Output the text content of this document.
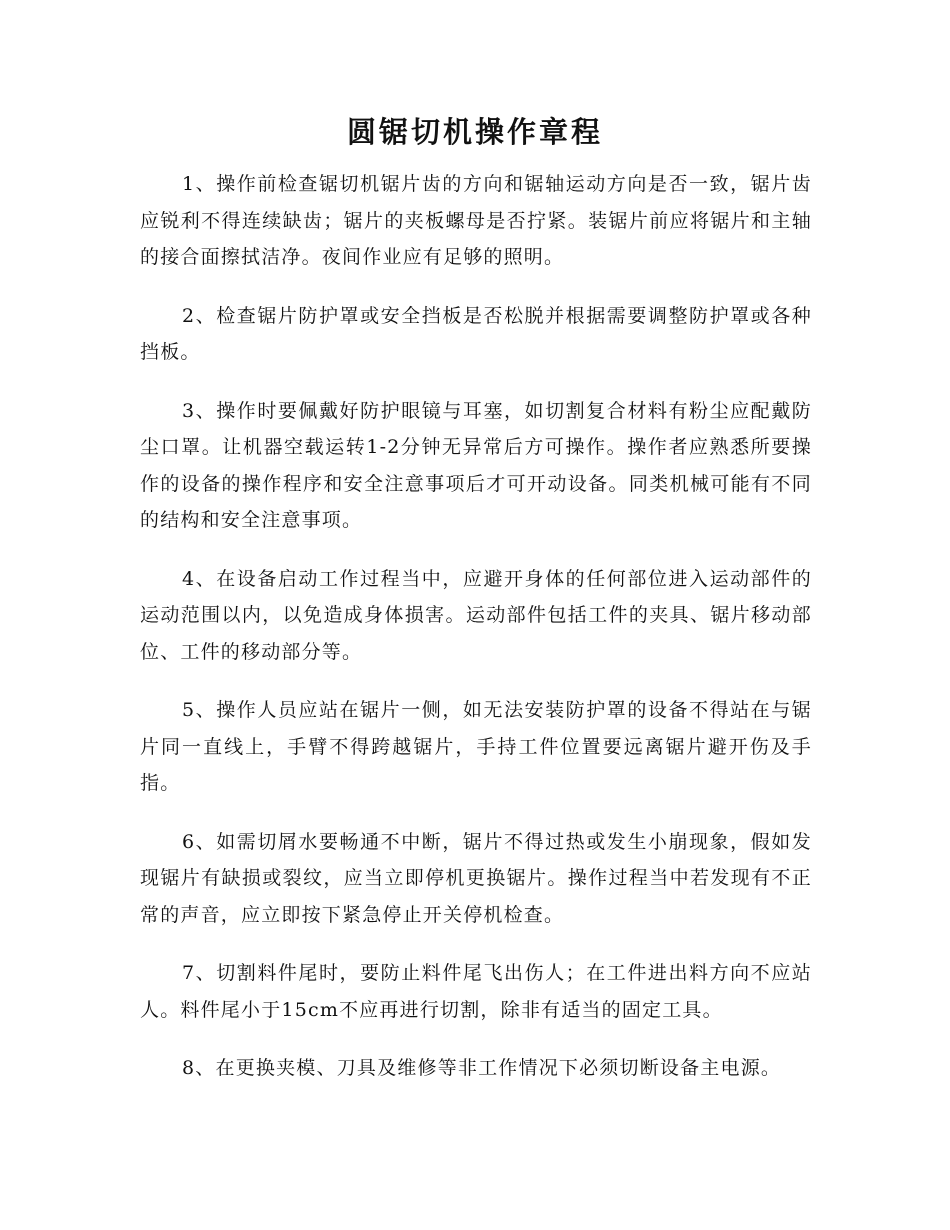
圆锯切机操作章程

1、操作前检查锯切机锯片齿的方向和锯轴运动方向是否一致，锯片齿应锐利不得连续缺齿；锯片的夹板螺母是否拧紧。装锯片前应将锯片和主轴的接合面擦拭洁净。夜间作业应有足够的照明。

2、检查锯片防护罩或安全挡板是否松脱并根据需要调整防护罩或各种挡板。

3、操作时要佩戴好防护眼镜与耳塞，如切割复合材料有粉尘应配戴防尘口罩。让机器空载运转1-2分钟无异常后方可操作。操作者应熟悉所要操作的设备的操作程序和安全注意事项后才可开动设备。同类机械可能有不同的结构和安全注意事项。

4、在设备启动工作过程当中，应避开身体的任何部位进入运动部件的运动范围以内，以免造成身体损害。运动部件包括工件的夹具、锯片移动部位、工件的移动部分等。

5、操作人员应站在锯片一侧，如无法安装防护罩的设备不得站在与锯片同一直线上，手臂不得跨越锯片，手持工件位置要远离锯片避开伤及手指。

6、如需切屑水要畅通不中断，锯片不得过热或发生小崩现象，假如发现锯片有缺损或裂纹，应当立即停机更换锯片。操作过程当中若发现有不正常的声音，应立即按下紧急停止开关停机检查。

7、切割料件尾时，要防止料件尾飞出伤人；在工件进出料方向不应站人。料件尾小于15cm不应再进行切割，除非有适当的固定工具。

8、在更换夹模、刀具及维修等非工作情况下必须切断设备主电源。
